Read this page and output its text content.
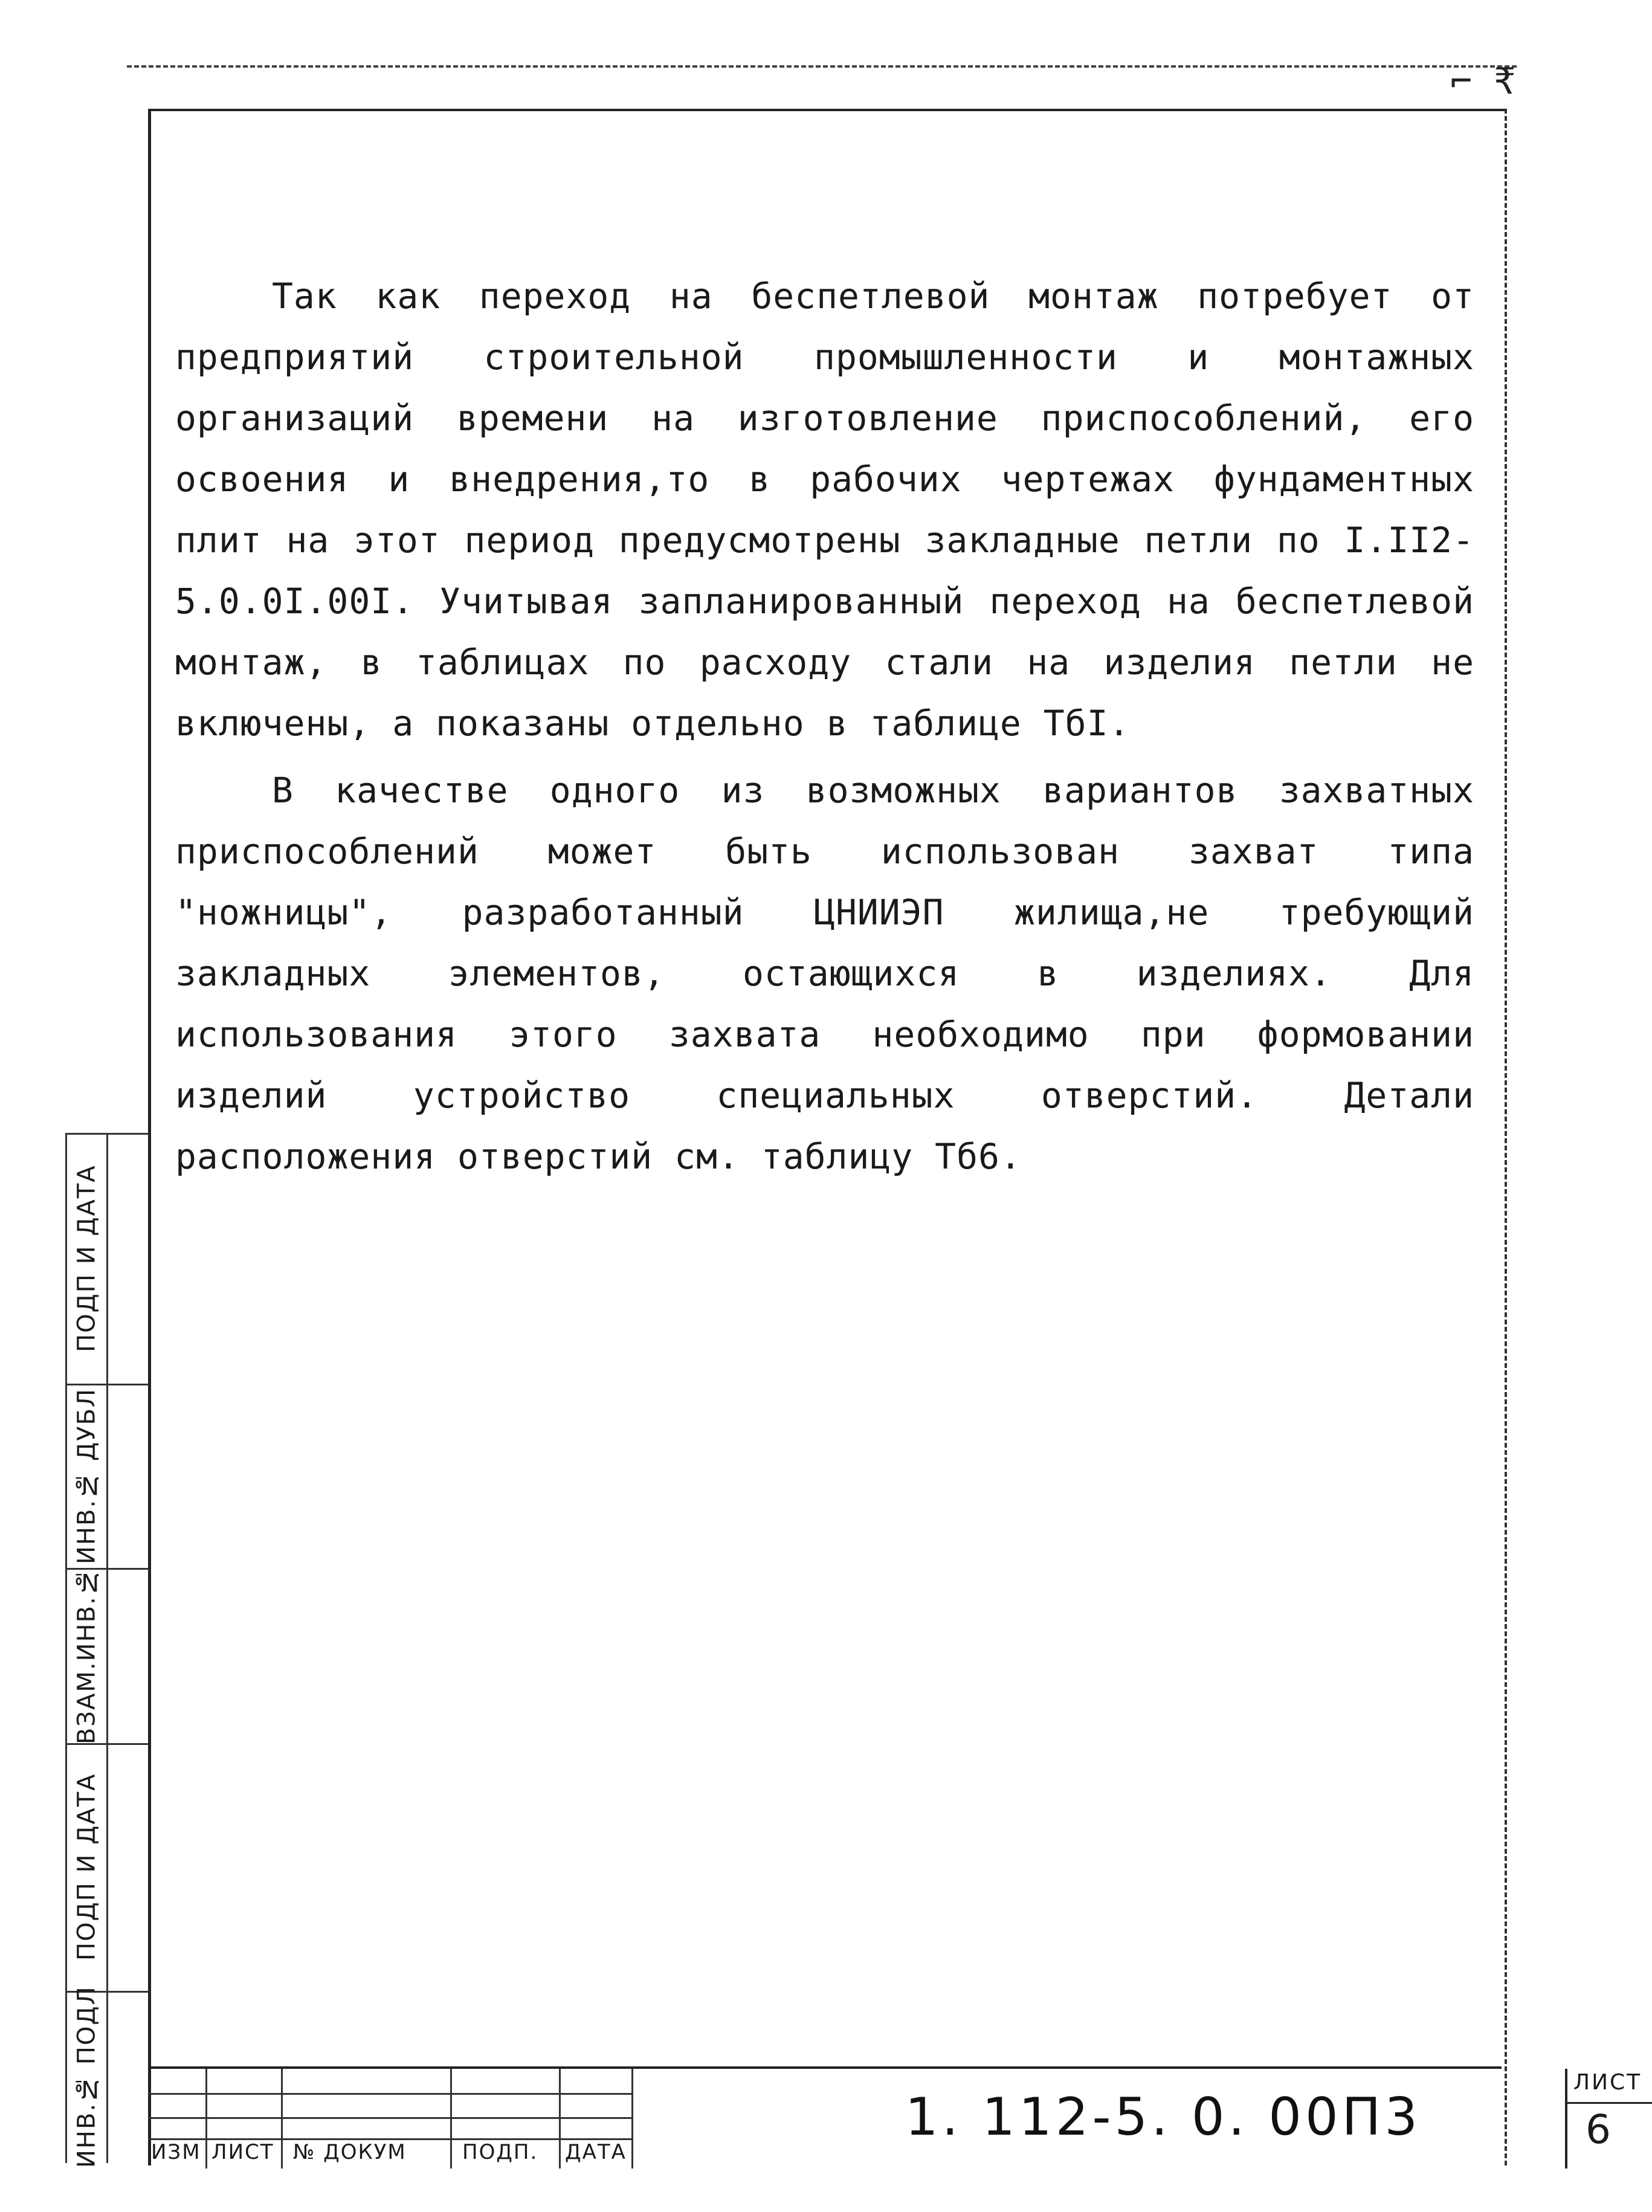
⌐ ₹

Так как переход на беспетлевой монтаж потребует от предприятий строительной промышленности и монтажных организаций времени на изготовление приспособлений, его освоения и внедрения,то в рабочих чертежах фундаментных плит на этот период предусмотрены закладные петли по I.II2-5.0.0I.00I. Учитывая запланированный переход на беспетлевой монтаж, в таблицах по расходу стали на изделия петли не включены, а показаны отдельно в таблице ТбI.

В качестве одного из возможных вариантов захватных приспособлений может быть использован захват типа "ножницы", разработанный ЦНИИЭП жилища,не требующий закладных элементов, остающихся в изделиях. Для использования этого захвата необходимо при формовании изделий устройство специальных отверстий. Детали расположения отверстий см. таблицу Тб6.

ПОДП И ДАТА
ИНВ.№ ДУБЛ
ВЗАМ.ИНВ.№
ПОДП И ДАТА
ИНВ.№ ПОДЛ ИЗМ ЛИСТ № ДОКУМ	ПОДП. ДАТА
1. 112-5. 0. 00П3
ЛИСТ
6
